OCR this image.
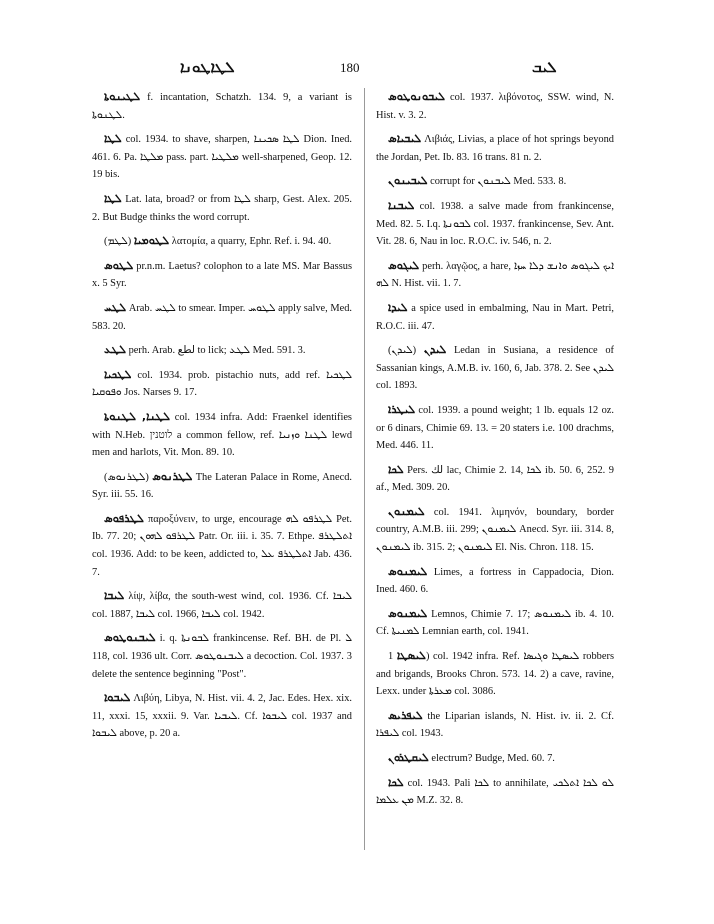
ܠܛܐܛܘܢܐ	180	ܠܝܒ

ܠܛܝܢܘܬܐ f. incantation, Schatzh. 134. 9, a variant is ܠܛܢܘܬܐ.

ܠܛܐ col. 1934. to shave, sharpen, ܠܛܐ ܣܟܝܢܐ Dion. Ined. 461. 6. Pa. ܡܠܛܐ pass. part. ܡܠܛܝܐ well-sharpened, Geop. 12. 19 bis.

ܠܛܐ Lat. lata, broad? or from ܠܛܐ sharp, Gest. Alex. 205. 2. But Budge thinks the word corrupt.

ܠܛܘܡܝܐ (ܠܛܡ) λατομία, a quarry, Ephr. Ref. i. 94. 40.

ܠܛܘܣ pr.n.m. Laetus? colophon to a late MS. Mar Bassus x. 5 Syr.

ܠܛܚ Arab. ܠܛܚ to smear. Imper. ܠܛܘܚ apply salve, Med. 583. 20.

ܠܛܥ perh. Arab. لطع to lick; ܠܛܥ Med. 591. 3.

ܠܛܟܝܐ col. 1934. prob. pistachio nuts, add ref. ܠܛܟܝܐ ܘܦܘܩܝܐ Jos. Narses 9. 17.

ܠܛܢܐ, ܠܛܢܘܬܐ col. 1934 infra. Add: Fraenkel identifies with N.Heb. לוטנין a common fellow, ref. ܠܛܢܐ ܘܙܢܝܐ lewd men and harlots, Vit. Mon. 89. 10.

ܠܛܪܢܘܣ (ܠܛܪܢܘܣ) The Lateran Palace in Rome, Anecd. Syr. iii. 55. 16.

ܠܛܪܦܘܣ παροξύνειν, to urge, encourage ܠܛܪܦܘ ܠܗ Pet. Ib. 77. 20; ܠܛܪܦܘ ܠܗܘܢ Patr. Or. iii. i. 35. 7. Ethpe. ܐܬܠܛܪܦ col. 1936. Add: to be keen, addicted to, ܐܬܠܛܪܦ ܥܠ Jab. 436. 7.

ܠܝܒܐ λίψ, λίβα, the south-west wind, col. 1936. Cf. ܠܝܒܐ col. 1887, ܠܝܒܐ col. 1966, ܠܝܒܐ col. 1942.

ܠܝܒܢܘܛܘܣ i. q. ܠܒܘܢܬܐ frankincense. Ref. BH. de Pl. ܠ 118, col. 1936 ult. Corr. ܠܝܒܢܘܛܘܣ a decoction. Col. 1937. 3 delete the sentence beginning "Post".

ܠܝܒܘܐ Λιβύη, Libya, N. Hist. vii. 4. 2, Jac. Edes. Hex. xix. 11, xxxi. 15, xxxii. 9. Var. ܠܝܒܝܐ. Cf. ܠܝܒܘܐ col. 1937 and ܠܝܒܘܐ above, p. 20 a.

ܠܝܒܘܢܘܛܘܣ col. 1937. λιβόνοτος, SSW. wind, N. Hist. v. 3. 2.

ܠܝܒܝܐܣ Λιβιάς, Livias, a place of hot springs beyond the Jordan, Pet. Ib. 83. 16 trans. 81 n. 2.

ܠܝܒܝܢܘܢ corrupt for ܠܝܒܢܘܢ Med. 533. 8.

ܠܝܒܢܐ col. 1938. a salve made from frankincense, Med. 82. 5. I.q. ܠܒܘܢܬܐ col. 1937. frankincense, Sev. Ant. Vit. 28. 6, Nau in loc. R.O.C. iv. 546, n. 2.

ܠܝܓܘܣ perh. λαγῷος, a hare, ܐܝܟ ܠܝܓܘܣ ܘܐܢܫ ܕܠܐ ܚܙܐ ܠܗ N. Hist. vii. 1. 7.

ܠܝܕܐ a spice used in embalming, Nau in Mart. Petri, R.O.C. iii. 47.

ܠܝܕܢ (ܠܝܕܢ) Ledan in Susiana, a residence of Sassanian kings, A.M.B. iv. 160, 6, Jab. 378. 2. See ܠܝܕܢ col. 1893.

ܠܝܛܪܐ col. 1939. a pound weight; 1 lb. equals 12 oz. or 6 dinars, Chimie 69. 13. = 20 staters i.e. 100 drachms, Med. 446. 11.

ܠܟܐ Pers. لك lac, Chimie 2. 14, ܠܟܐ ib. 50. 6, 252. 9 af., Med. 309. 20.

ܠܝܡܢܘܢ col. 1941. λιμηνόν, boundary, border country, A.M.B. iii. 299; ܠܝܡܢܘܢ Anecd. Syr. iii. 314. 8, ܠܝܡܢܘܢ ib. 315. 2; ܠܝܡܢܘܢ El. Nis. Chron. 118. 15.

ܠܝܡܢܘܣ Limes, a fortress in Cappadocia, Dion. Ined. 460. 6.

ܠܝܡܢܘܣ Lemnos, Chimie 7. 17; ܠܝܡܢܘܣ ib. 4. 10. Cf. ܠܡܢܝܬܐ Lemnian earth, col. 1941.

ܠܝܣܛܐ 1) col. 1942 infra. Ref. ܠܝܣܛܐ ܘܓܝܣܐ robbers and brigands, Brooks Chron. 573. 14. 2) a cave, ravine, Lexx. under ܡܥܪܬܐ col. 3086.

ܠܝܦܪܝܣ the Liparian islands, N. Hist. iv. ii. 2. Cf. ܠܝܦܪܐ col. 1943.

ܠܝܩܛܪܘܢ electrum? Budge, Med. 60. 7.

ܠܟܐ col. 1943. Pali ܠܟܐ to annihilate, ܠܘ ܠܟܐ ܐܬܠܟܝ ܡܢ ܥܠܡܐ M.Z. 32. 8.
